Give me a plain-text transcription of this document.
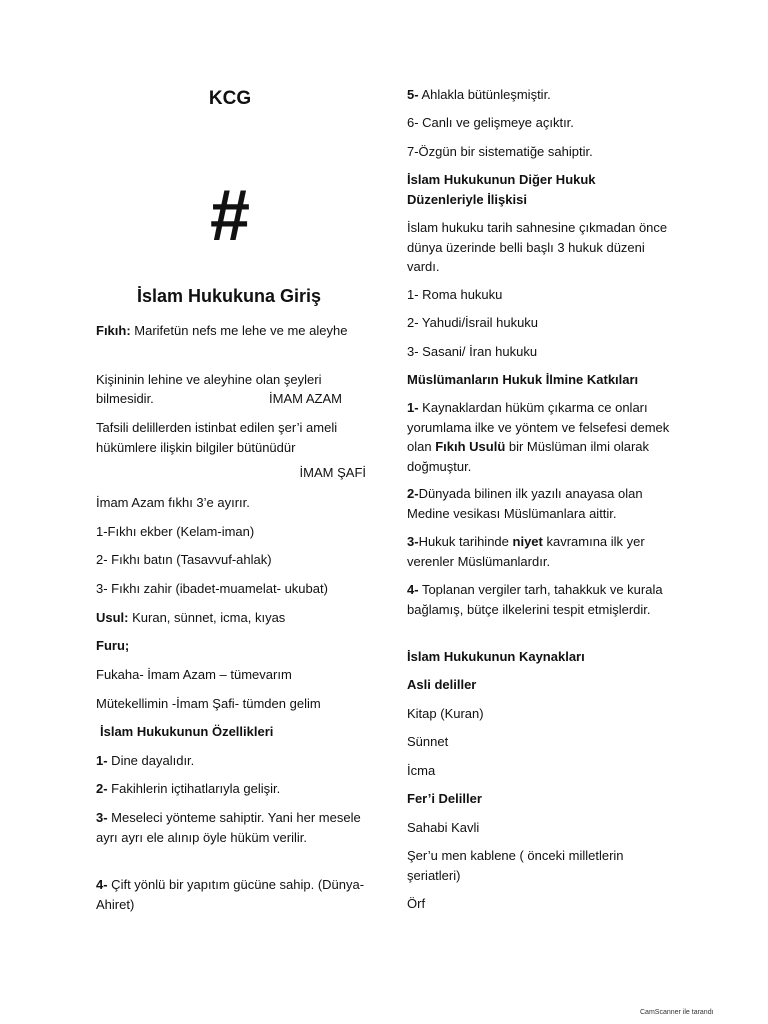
KCG
#
İslam Hukukuna Giriş

Fıkıh: Marifetün nefs me lehe ve me aleyhe

Kişininin lehine ve aleyhine olan şeyleri

bilmesidir.	İMAM AZAM

Tafsili delillerden istinbat edilen şer’i ameli hükümlere ilişkin bilgiler bütünüdür

İMAM ŞAFİ

İmam Azam fıkhı 3’e ayırır.

1-Fıkhı ekber (Kelam-iman)

2- Fıkhı batın (Tasavvuf-ahlak)

3- Fıkhı zahir (ibadet-muamelat- ukubat)

Usul: Kuran, sünnet, icma, kıyas

Furu;

Fukaha- İmam Azam – tümevarım

Mütekellimin -İmam Şafi- tümden gelim

İslam Hukukunun Özellikleri

1- Dine dayalıdır.

2- Fakihlerin içtihatlarıyla gelişir.

3- Meseleci yönteme sahiptir. Yani her mesele ayrı ayrı ele alınıp öyle hüküm verilir.

4- Çift yönlü bir yapıtım gücüne sahip. (Dünya- Ahiret)

5- Ahlakla bütünleşmiştir.

6- Canlı ve gelişmeye açıktır.

7-Özgün bir sistematiğe sahiptir.

İslam Hukukunun Diğer Hukuk Düzenleriyle İlişkisi

İslam hukuku tarih sahnesine çıkmadan önce dünya üzerinde belli başlı 3 hukuk düzeni vardı.

1- Roma hukuku

2- Yahudi/İsrail hukuku

3- Sasani/ İran hukuku

Müslümanların Hukuk İlmine Katkıları

1- Kaynaklardan hüküm çıkarma ce onları yorumlama ilke ve yöntem ve felsefesi demek olan Fıkıh Usulü bir Müslüman ilmi olarak doğmuştur.

2-Dünyada bilinen ilk yazılı anayasa olan Medine vesikası Müslümanlara aittir.

3-Hukuk tarihinde niyet kavramına ilk yer verenler Müslümanlardır.

4- Toplanan vergiler tarh, tahakkuk ve kurala bağlamış, bütçe ilkelerini tespit etmişlerdir.

İslam Hukukunun Kaynakları

Asli deliller

Kitap (Kuran)

Sünnet

İcma

Fer’i Deliller

Sahabi Kavli

Şer’u men kablene ( önceki milletlerin şeriatleri)

Örf

CamScanner ile tarandı
